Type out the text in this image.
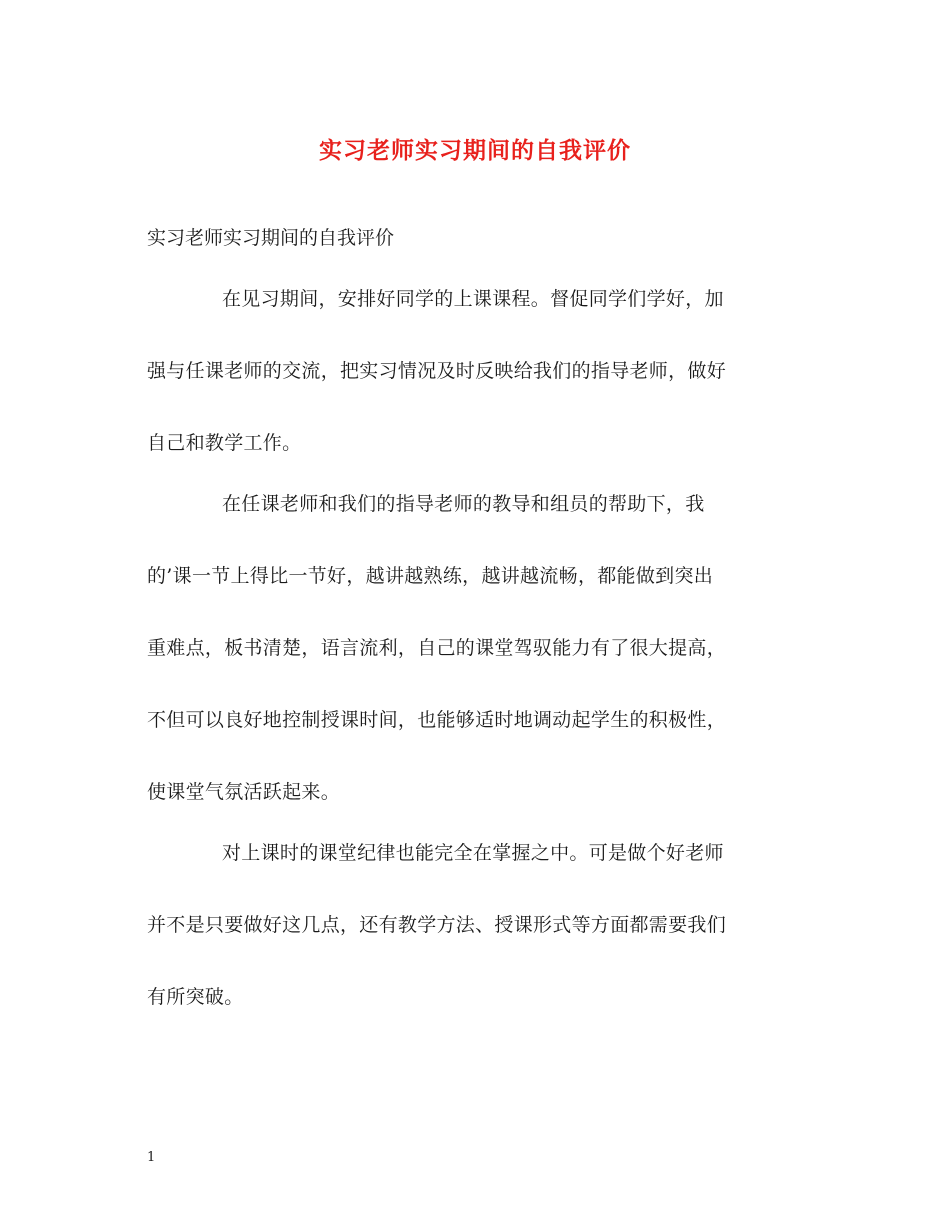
实习老师实习期间的自我评价
实习老师实习期间的自我评价
在见习期间，安排好同学的上课课程。督促同学们学好，加
强与任课老师的交流，把实习情况及时反映给我们的指导老师，做好
自己和教学工作。
在任课老师和我们的指导老师的教导和组员的帮助下，我
的’课一节上得比一节好，越讲越熟练，越讲越流畅，都能做到突出
重难点，板书清楚，语言流利，自己的课堂驾驭能力有了很大提高，
不但可以良好地控制授课时间，也能够适时地调动起学生的积极性，
使课堂气氛活跃起来。
对上课时的课堂纪律也能完全在掌握之中。可是做个好老师
并不是只要做好这几点，还有教学方法、授课形式等方面都需要我们
有所突破。
1
